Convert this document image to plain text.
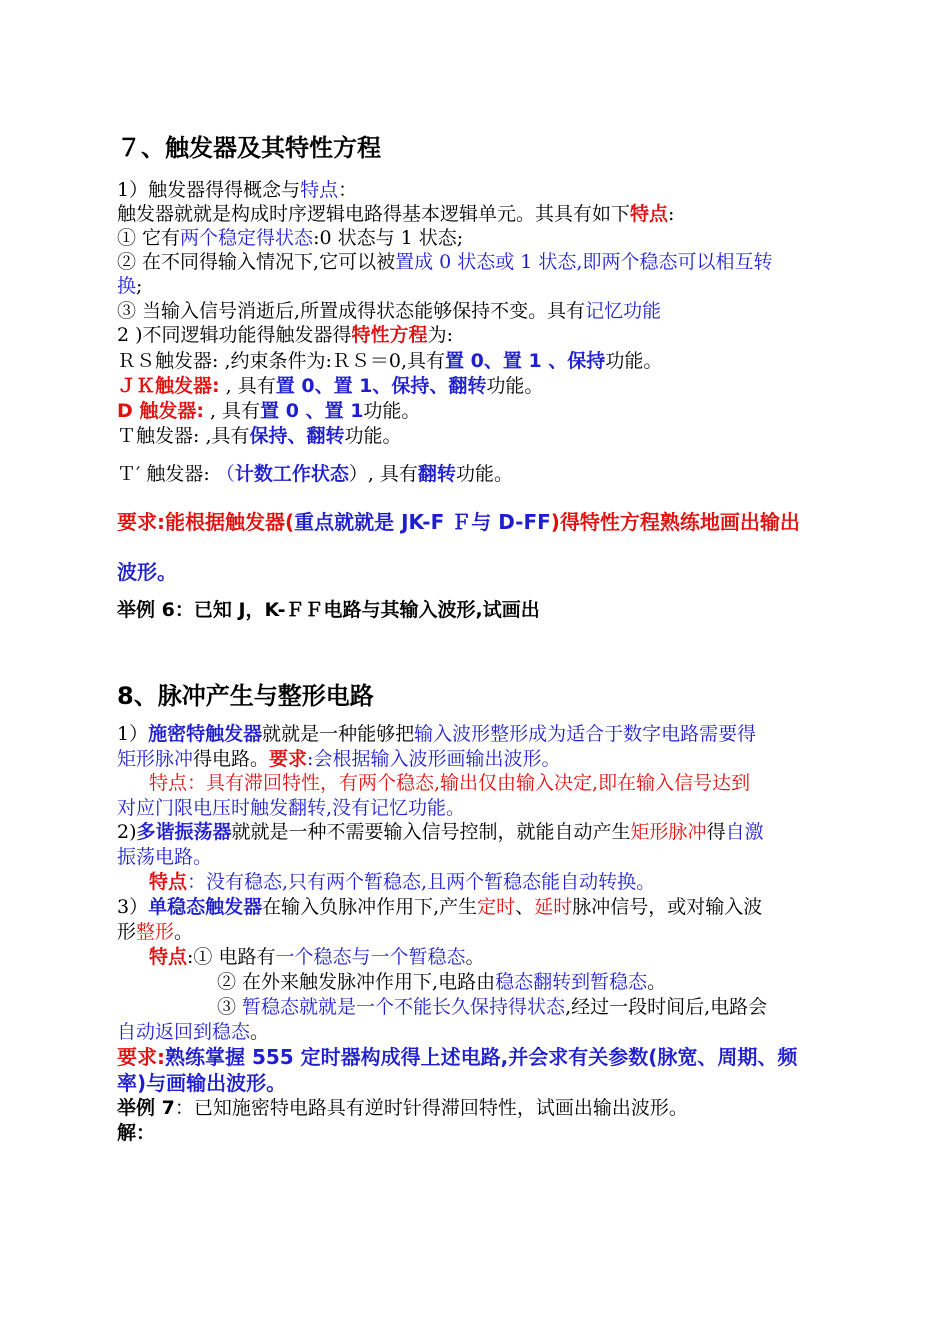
７、触发器及其特性方程
1）触发器得得概念与特点：
触发器就就是构成时序逻辑电路得基本逻辑单元。其具有如下特点:
① 它有两个稳定得状态:0 状态与 1 状态;
② 在不同得输入情况下,它可以被置成 0 状态或 1 状态,即两个稳态可以相互转
换;
③ 当输入信号消逝后,所置成得状态能够保持不变。具有记忆功能
2 )不同逻辑功能得触发器得特性方程为:
ＲＳ触发器: ,约束条件为:ＲＳ＝0,具有置 0、置 1 、保持功能。
ＪＫ触发器: , 具有置 0、置 1、保持、翻转功能。
D 触发器: , 具有置 0 、置 1功能。
Ｔ触发器: ,具有保持、翻转功能。
Ｔ′ 触发器: （计数工作状态）, 具有翻转功能。
要求:能根据触发器(重点就就是 JK-F Ｆ与 D-FF)得特性方程熟练地画出输出
波形。
举例 6：已知 J，K-ＦＦ电路与其输入波形,试画出
8、脉冲产生与整形电路
1）施密特触发器就就是一种能够把输入波形整形成为适合于数字电路需要得
矩形脉冲得电路。要求:会根据输入波形画输出波形。
特点：具有滞回特性，有两个稳态,输出仅由输入决定,即在输入信号达到
对应门限电压时触发翻转,没有记忆功能。
2)多谐振荡器就就是一种不需要输入信号控制，就能自动产生矩形脉冲得自激
振荡电路。
特点：没有稳态,只有两个暂稳态,且两个暂稳态能自动转换。
3）单稳态触发器在输入负脉冲作用下,产生定时、延时脉冲信号，或对输入波
形整形。
特点:① 电路有一个稳态与一个暂稳态。
② 在外来触发脉冲作用下,电路由稳态翻转到暂稳态。
③ 暂稳态就就是一个不能长久保持得状态,经过一段时间后,电路会
自动返回到稳态。
要求:熟练掌握 555 定时器构成得上述电路,并会求有关参数(脉宽、周期、频
率)与画输出波形。
举例 7：已知施密特电路具有逆时针得滞回特性，试画出输出波形。
解：
